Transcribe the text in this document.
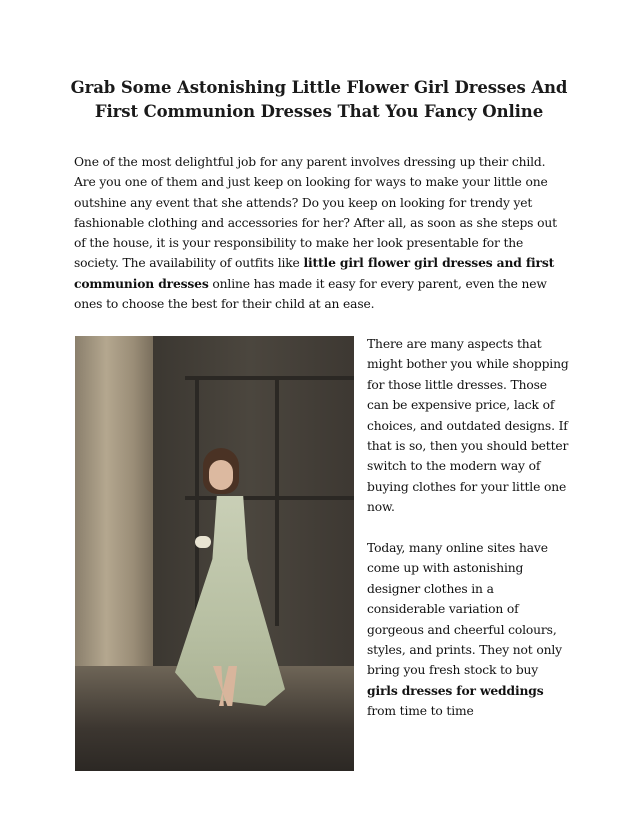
Grab Some Astonishing Little Flower Girl Dresses And First Communion Dresses That You Fancy Online

One of the most delightful job for any parent involves dressing up their child. Are you one of them and just keep on looking for ways to make your little one outshine any event that she attends? Do you keep on looking for trendy yet fashionable clothing and accessories for her? After all, as soon as she steps out of the house, it is your responsibility to make her look presentable for the society. The availability of outfits like little girl flower girl dresses and first communion dresses online has made it easy for every parent, even the new ones to choose the best for their child at an ease.

There are many aspects that might bother you while shopping for those little dresses. Those can be expensive price, lack of choices, and outdated designs. If that is so, then you should better switch to the modern way of buying clothes for your little one now.

Today, many online sites have come up with astonishing designer clothes in a considerable variation of gorgeous and cheerful colours, styles, and prints. They not only bring you fresh stock to buy girls dresses for weddings from time to time
